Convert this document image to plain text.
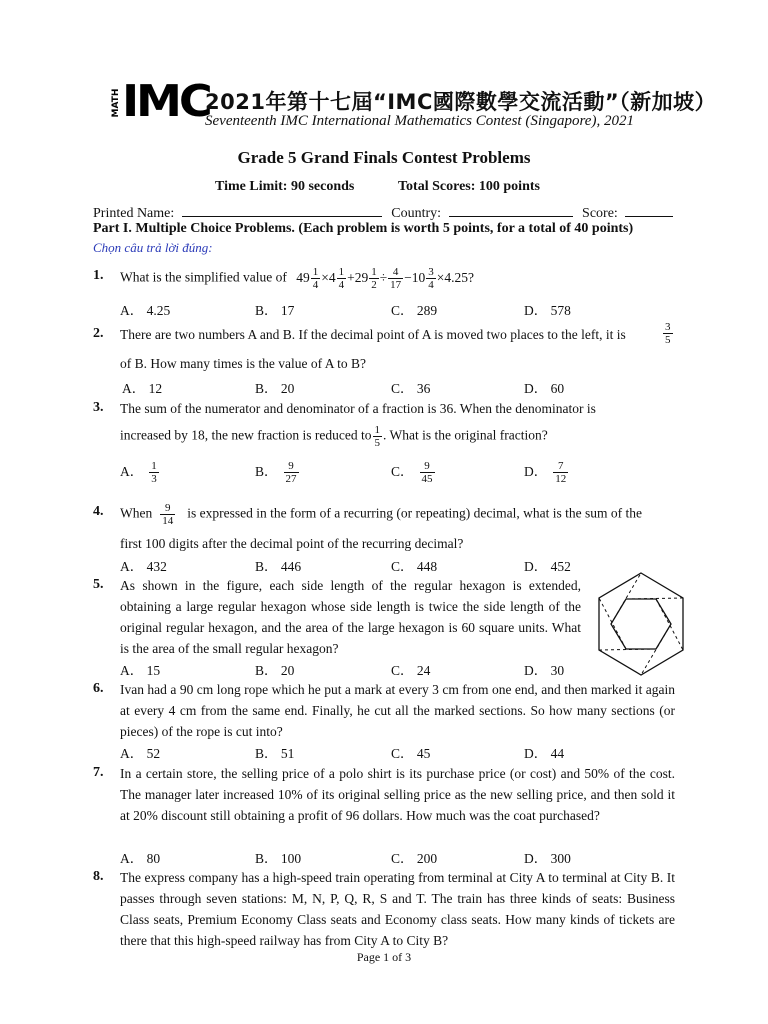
MATH IMC
2021年第十七屆“IMC國際數學交流活動”（新加坡）
Seventeenth IMC International Mathematics Contest (Singapore), 2021
Grade 5 Grand Finals Contest Problems
Time Limit: 90 seconds	Total Scores: 100 points
Printed Name:	Country:	Score:
Part I. Multiple Choice Problems. (Each problem is worth 5 points, for a total of 40 points)
Chọn câu trả lời đúng:
1. What is the simplified value of $49 \frac{1}{4} \times 4 \frac{1}{4} +29 \frac{1}{2} \div \frac{4}{17} -10 \frac{3}{4} \times 4.25$?
A． 4.25	B． 17	C． 289	D． 578
2. There are two numbers A and B. If the decimal point of A is moved two places to the left, it is	$\frac{3}{5}$
of B. How many times is the value of A to B?
A． 12	B． 20	C． 36	D． 60
3. The sum of the numerator and denominator of a fraction is 36. When the denominator is
increased by 18, the new fraction is reduced to $\frac{1}{5}$ . What is the original fraction?
A． $\frac{1}{3}$	B． $\frac{9}{27}$	C． $\frac{9}{45}$	D． $\frac{7}{12}$
4. When $\frac{9}{14}$ is expressed in the form of a recurring (or repeating) decimal, what is the sum of the
first 100 digits after the decimal point of the recurring decimal?
A． 432	B． 446	C． 448	D． 452
5. As shown in the figure, each side length of the regular hexagon is extended, obtaining a large regular hexagon whose side length is twice the side length of the original regular hexagon, and the area of the large hexagon is 60 square units. What is the area of the small regular hexagon?
A． 15	B． 20	C． 24	D． 30
6. Ivan had a 90 cm long rope which he put a mark at every 3 cm from one end, and then marked it again at every 4 cm from the same end. Finally, he cut all the marked sections. So how many sections (or pieces) of the rope is cut into?
A． 52	B． 51	C． 45	D． 44
7. In a certain store, the selling price of a polo shirt is its purchase price (or cost) and 50% of the cost. The manager later increased 10% of its original selling price as the new selling price, and then sold it at 20% discount still obtaining a profit of 96 dollars. How much was the coat purchased?
A． 80	B． 100	C． 200	D． 300
8. The express company has a high-speed train operating from terminal at City A to terminal at City B. It passes through seven stations: M, N, P, Q, R, S and T. The train has three kinds of seats: Business Class seats, Premium Economy Class seats and Economy class seats. How many kinds of tickets are there that this high-speed railway has from City A to City B?
Page 1 of 3
